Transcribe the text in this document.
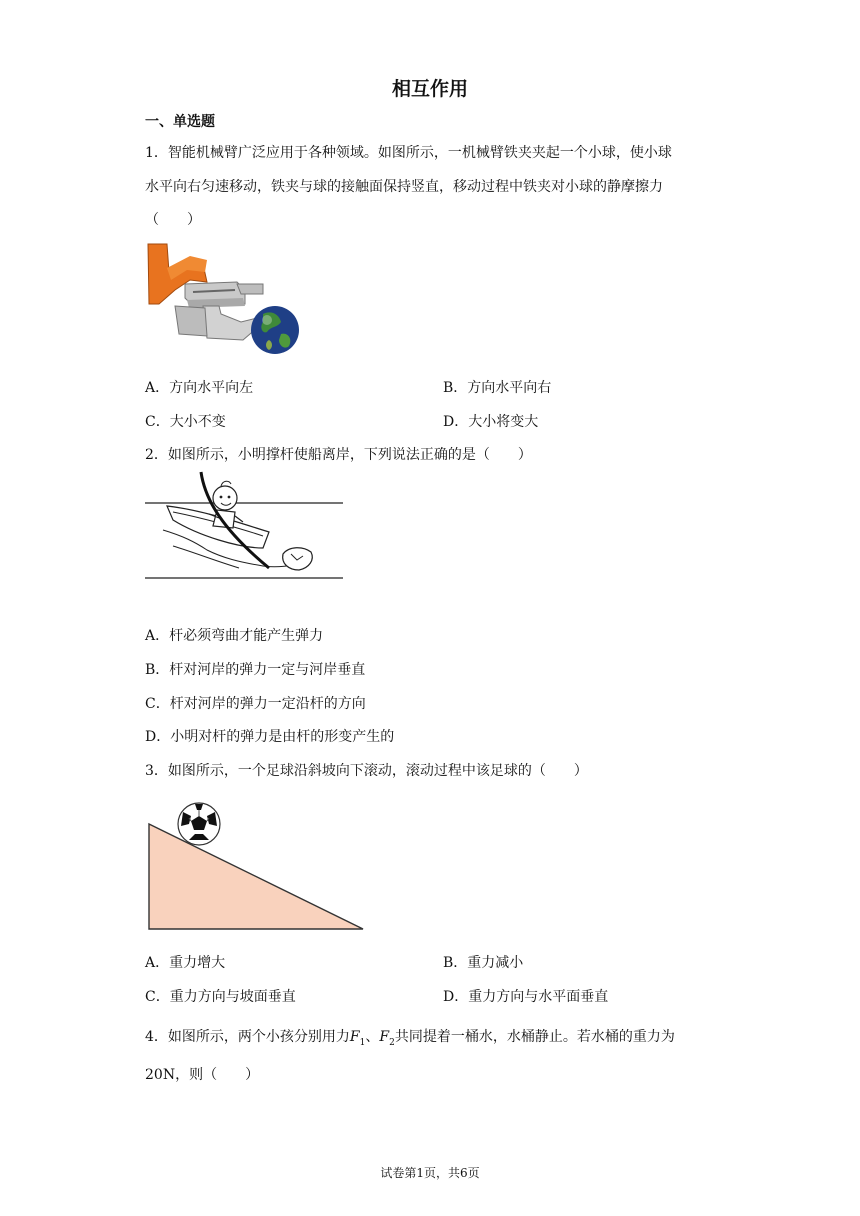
相互作用
一、单选题
1．智能机械臂广泛应用于各种领域。如图所示，一机械臂铁夹夹起一个小球，使小球
水平向右匀速移动，铁夹与球的接触面保持竖直，移动过程中铁夹对小球的静摩擦力
（　　）
A．方向水平向左	B．方向水平向右
C．大小不变	D．大小将变大
2．如图所示，小明撑杆使船离岸，下列说法正确的是（　　）
A．杆必须弯曲才能产生弹力
B．杆对河岸的弹力一定与河岸垂直
C．杆对河岸的弹力一定沿杆的方向
D．小明对杆的弹力是由杆的形变产生的
3．如图所示，一个足球沿斜坡向下滚动，滚动过程中该足球的（　　）
A．重力增大	B．重力减小
C．重力方向与坡面垂直	D．重力方向与水平面垂直
4．如图所示，两个小孩分别用力$F_1$、$F_2$共同提着一桶水，水桶静止。若水桶的重力为
20N，则（　　）
试卷第1页，共6页
